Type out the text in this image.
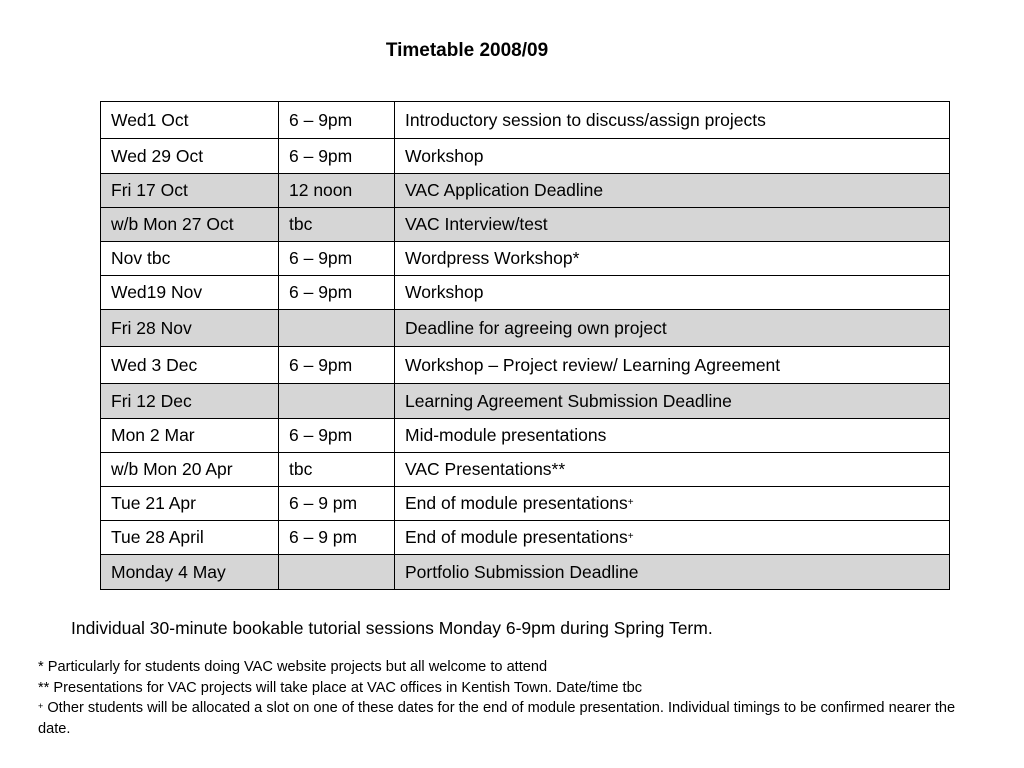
Timetable 2008/09
Wed1 Oct	6 – 9pm	Introductory session to discuss/assign projects
Wed 29 Oct	6 – 9pm	Workshop
Fri 17 Oct	12 noon	VAC Application Deadline
w/b Mon 27 Oct	tbc	VAC Interview/test
Nov tbc	6 – 9pm	Wordpress Workshop*
Wed19 Nov	6 – 9pm	Workshop
Fri 28 Nov		Deadline for agreeing own project
Wed 3 Dec	6 – 9pm	Workshop – Project review/ Learning Agreement
Fri 12 Dec		Learning Agreement Submission Deadline
Mon 2 Mar	6 – 9pm	Mid-module presentations
w/b Mon 20 Apr	tbc	VAC Presentations**
Tue 21 Apr	6 – 9 pm	End of module presentations+
Tue 28 April	6 – 9 pm	End of module presentations+
Monday 4 May		Portfolio Submission Deadline
Individual 30-minute bookable tutorial sessions Monday 6-9pm during Spring Term.

* Particularly for students doing VAC website projects but all welcome to attend

** Presentations for VAC projects will take place at VAC offices in Kentish Town. Date/time tbc

+ Other students will be allocated a slot on one of these dates for the end of module presentation. Individual timings to be confirmed nearer the date.
